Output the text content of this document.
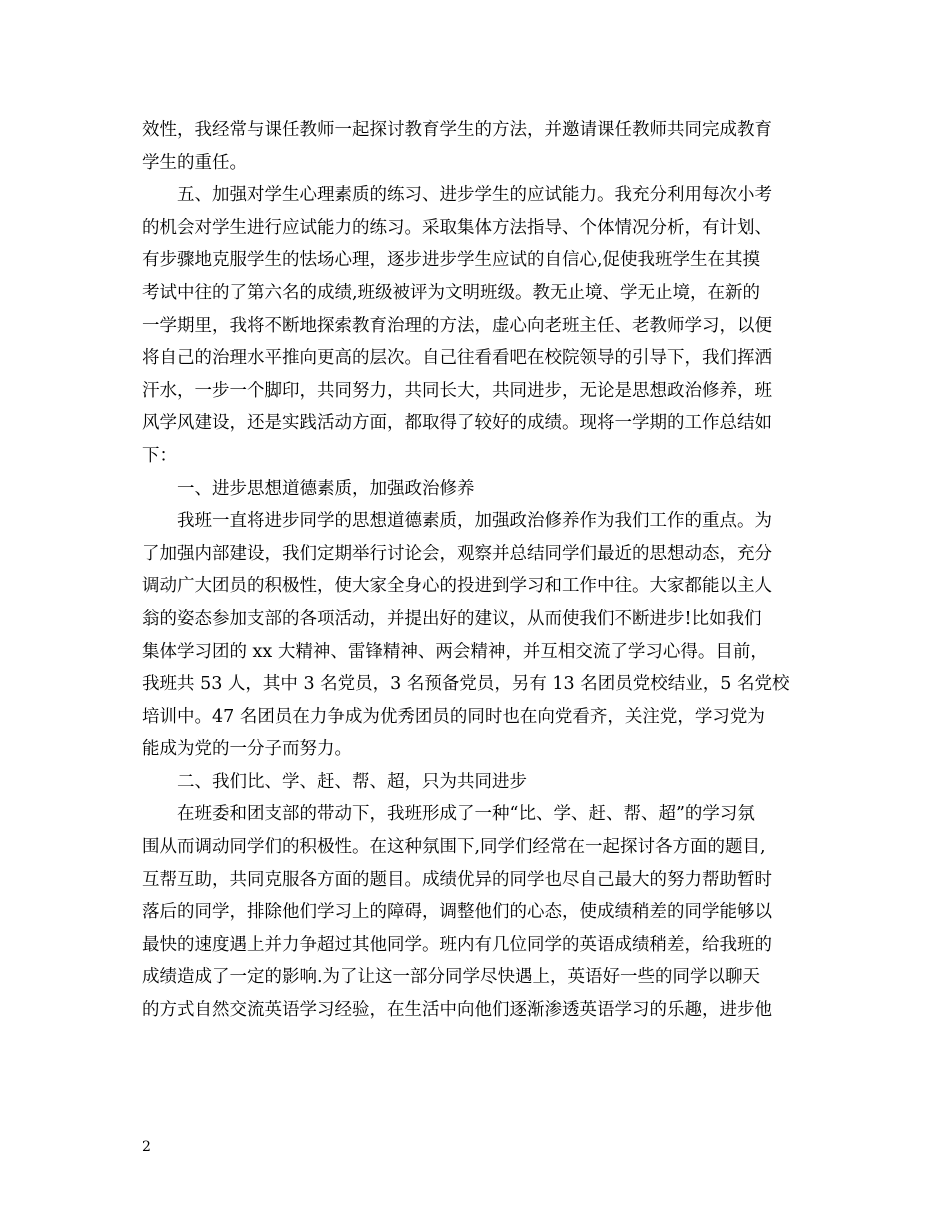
效性，我经常与课任教师一起探讨教育学生的方法，并邀请课任教师共同完成教育
学生的重任。
五、加强对学生心理素质的练习、进步学生的应试能力。我充分利用每次小考
的机会对学生进行应试能力的练习。采取集体方法指导、个体情况分析，有计划、
有步骤地克服学生的怯场心理，逐步进步学生应试的自信心,促使我班学生在其摸
考试中往的了第六名的成绩,班级被评为文明班级。教无止境、学无止境，在新的
一学期里，我将不断地探索教育治理的方法，虚心向老班主任、老教师学习，以便
将自己的治理水平推向更高的层次。自己往看看吧在校院领导的引导下，我们挥洒
汗水，一步一个脚印，共同努力，共同长大，共同进步，无论是思想政治修养，班
风学风建设，还是实践活动方面，都取得了较好的成绩。现将一学期的工作总结如
下：
一、进步思想道德素质，加强政治修养
我班一直将进步同学的思想道德素质，加强政治修养作为我们工作的重点。为
了加强内部建设，我们定期举行讨论会，观察并总结同学们最近的思想动态，充分
调动广大团员的积极性，使大家全身心的投进到学习和工作中往。大家都能以主人
翁的姿态参加支部的各项活动，并提出好的建议，从而使我们不断进步!比如我们
集体学习团的 xx 大精神、雷锋精神、两会精神，并互相交流了学习心得。目前，
我班共 53 人，其中 3 名党员，3 名预备党员，另有 13 名团员党校结业，5 名党校
培训中。47 名团员在力争成为优秀团员的同时也在向党看齐，关注党，学习党为
能成为党的一分子而努力。
二、我们比、学、赶、帮、超，只为共同进步
在班委和团支部的带动下，我班形成了一种“比、学、赶、帮、超”的学习氛
围从而调动同学们的积极性。在这种氛围下,同学们经常在一起探讨各方面的题目,
互帮互助，共同克服各方面的题目。成绩优异的同学也尽自己最大的努力帮助暂时
落后的同学，排除他们学习上的障碍，调整他们的心态，使成绩稍差的同学能够以
最快的速度遇上并力争超过其他同学。班内有几位同学的英语成绩稍差，给我班的
成绩造成了一定的影响.为了让这一部分同学尽快遇上，英语好一些的同学以聊天
的方式自然交流英语学习经验，在生活中向他们逐渐渗透英语学习的乐趣，进步他
2
